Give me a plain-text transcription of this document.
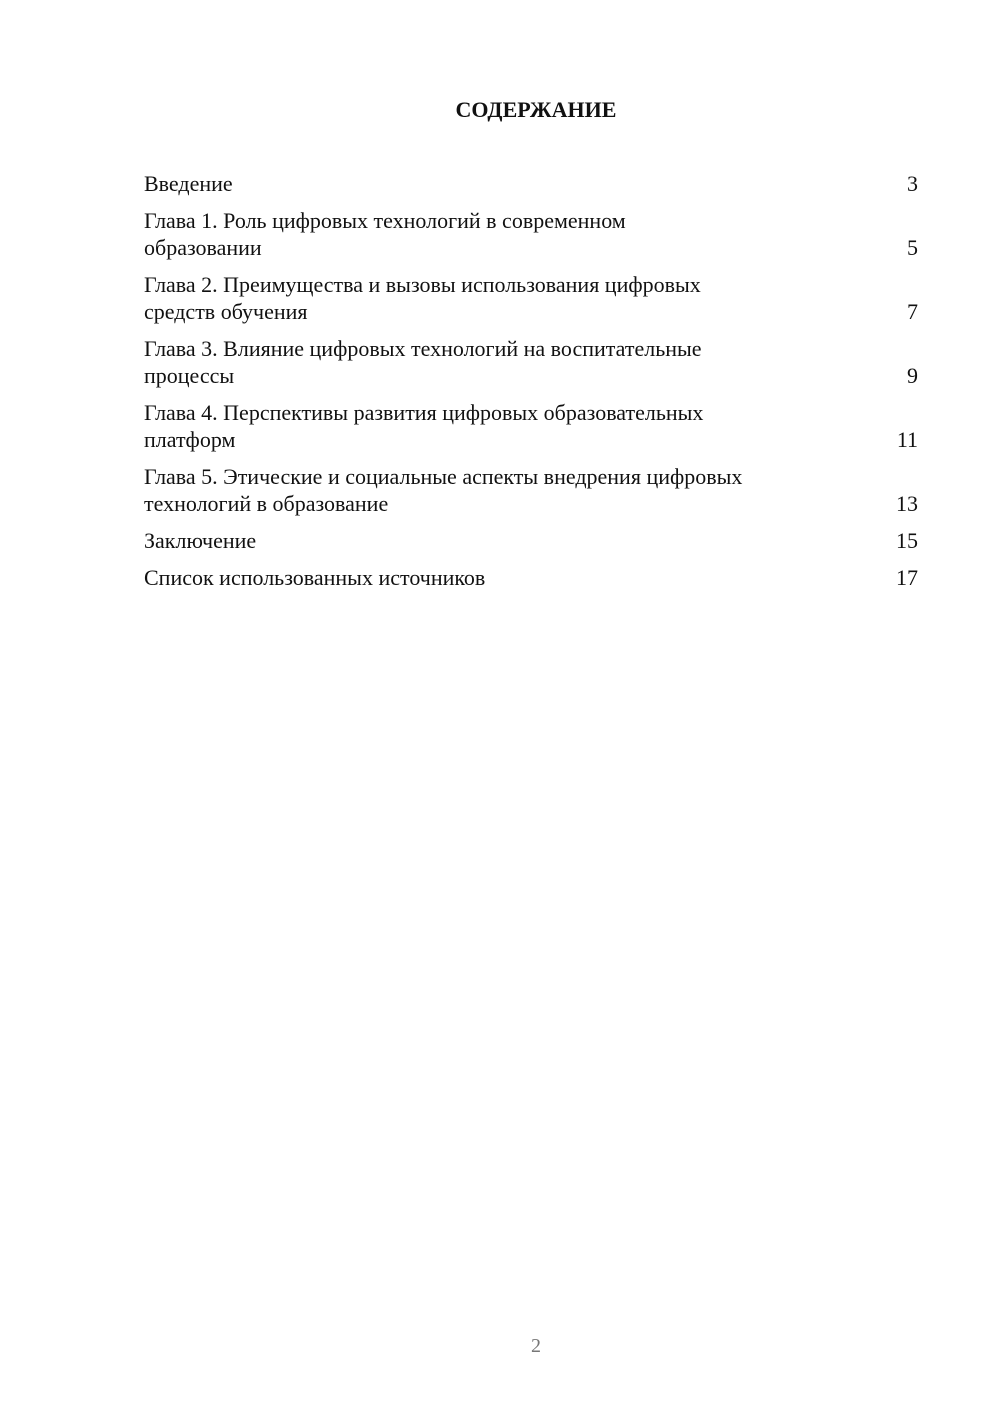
СОДЕРЖАНИЕ
Введение	3
Глава 1. Роль цифровых технологий в современном
образовании	5
Глава 2. Преимущества и вызовы использования цифровых
средств обучения	7
Глава 3. Влияние цифровых технологий на воспитательные
процессы	9
Глава 4. Перспективы развития цифровых образовательных
платформ	11
Глава 5. Этические и социальные аспекты внедрения цифровых
технологий в образование	13
Заключение	15
Список использованных источников	17
2
